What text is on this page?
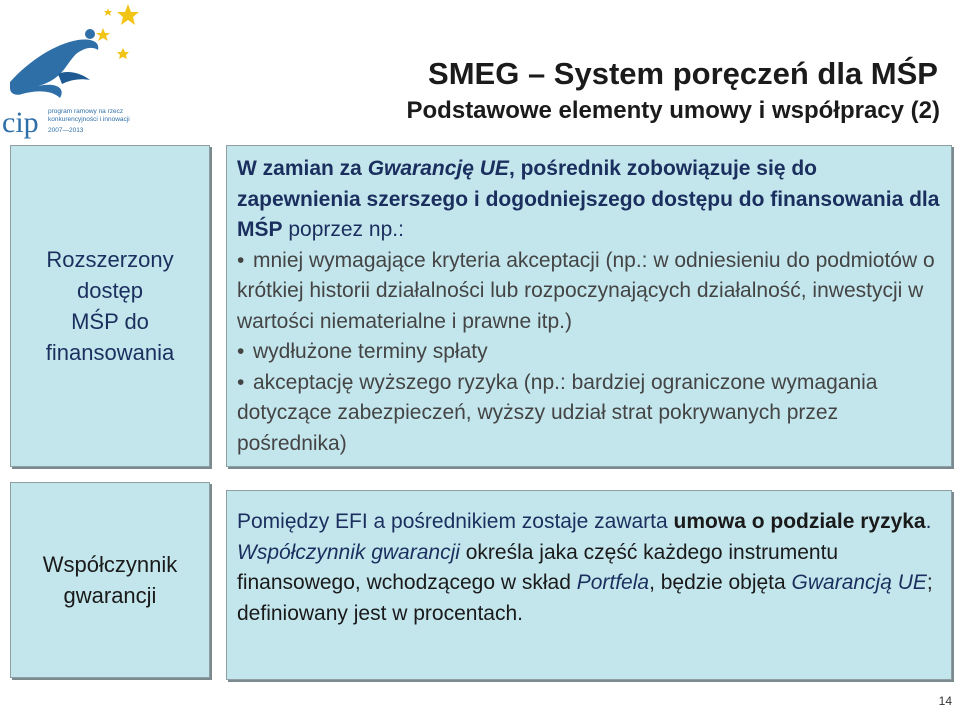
cip program ramowy na rzecz
konkurencyjności i innowacji
2007—2013
SMEG – System poręczeń dla MŚP
Podstawowe elementy umowy i współpracy (2)
Rozszerzony
dostęp
MŚP do
finansowania
W zamian za Gwarancję UE, pośrednik zobowiązuje się do zapewnienia szerszego i dogodniejszego dostępu do finansowania dla MŚP poprzez np.:
• mniej wymagające kryteria akceptacji (np.: w odniesieniu do podmiotów o krótkiej historii działalności lub rozpoczynających działalność, inwestycji w wartości niematerialne i prawne itp.)
• wydłużone terminy spłaty
• akceptację wyższego ryzyka (np.: bardziej ograniczone wymagania dotyczące zabezpieczeń, wyższy udział strat pokrywanych przez pośrednika)
Współczynnik
gwarancji
Pomiędzy EFI a pośrednikiem zostaje zawarta umowa o podziale ryzyka.
Współczynnik gwarancji określa jaka część każdego instrumentu finansowego, wchodzącego w skład Portfela, będzie objęta Gwarancją UE; definiowany jest w procentach.
14
